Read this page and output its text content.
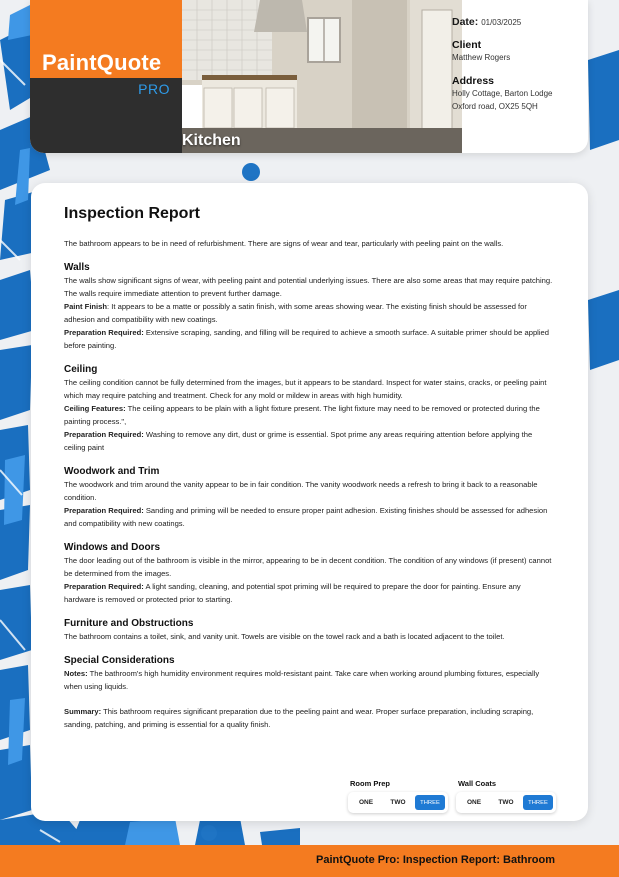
PaintQuote
PRO
Kitchen
Date: 01/03/2025
Client
Matthew Rogers
Address
Holly Cottage, Barton Lodge
Oxford road, OX25 5QH
Inspection Report
The bathroom appears to be in need of refurbishment. There are signs of wear and tear, particularly with peeling paint on the walls.
Walls
The walls show significant signs of wear, with peeling paint and potential underlying issues. There are also some areas that may require patching. The walls require immediate attention to prevent further damage.
Paint Finish: It appears to be a matte or possibly a satin finish, with some areas showing wear. The existing finish should be assessed for adhesion and compatibility with new coatings.
Preparation Required: Extensive scraping, sanding, and filling will be required to achieve a smooth surface. A suitable primer should be applied before painting.
Ceiling
The ceiling condition cannot be fully determined from the images, but it appears to be standard. Inspect for water stains, cracks, or peeling paint which may require patching and treatment. Check for any mold or mildew in areas with high humidity.
Ceiling Features: The ceiling appears to be plain with a light fixture present. The light fixture may need to be removed or protected during the painting process.",
Preparation Required: Washing to remove any dirt, dust or grime is essential. Spot prime any areas requiring attention before applying the ceiling paint
Woodwork and Trim
The woodwork and trim around the vanity appear to be in fair condition. The vanity woodwork needs a refresh to bring it back to a reasonable condition.
Preparation Required: Sanding and priming will be needed to ensure proper paint adhesion. Existing finishes should be assessed for adhesion and compatibility with new coatings.
Windows and Doors
The door leading out of the bathroom is visible in the mirror, appearing to be in decent condition. The condition of any windows (if present) cannot be determined from the images.
Preparation Required: A light sanding, cleaning, and potential spot priming will be required to prepare the door for painting. Ensure any hardware is removed or protected prior to starting.
Furniture and Obstructions
The bathroom contains a toilet, sink, and vanity unit. Towels are visible on the towel rack and a bath is located adjacent to the toilet.
Special Considerations
Notes: The bathroom's high humidity environment requires mold-resistant paint. Take care when working around plumbing fixtures, especially when using liquids.
Summary: This bathroom requires significant preparation due to the peeling paint and wear. Proper surface preparation, including scraping, sanding, patching, and priming is essential for a quality finish.
Room Prep
ONE	TWO	THREE
Wall Coats
ONE	TWO	THREE
PaintQuote Pro: Inspection Report: Bathroom
